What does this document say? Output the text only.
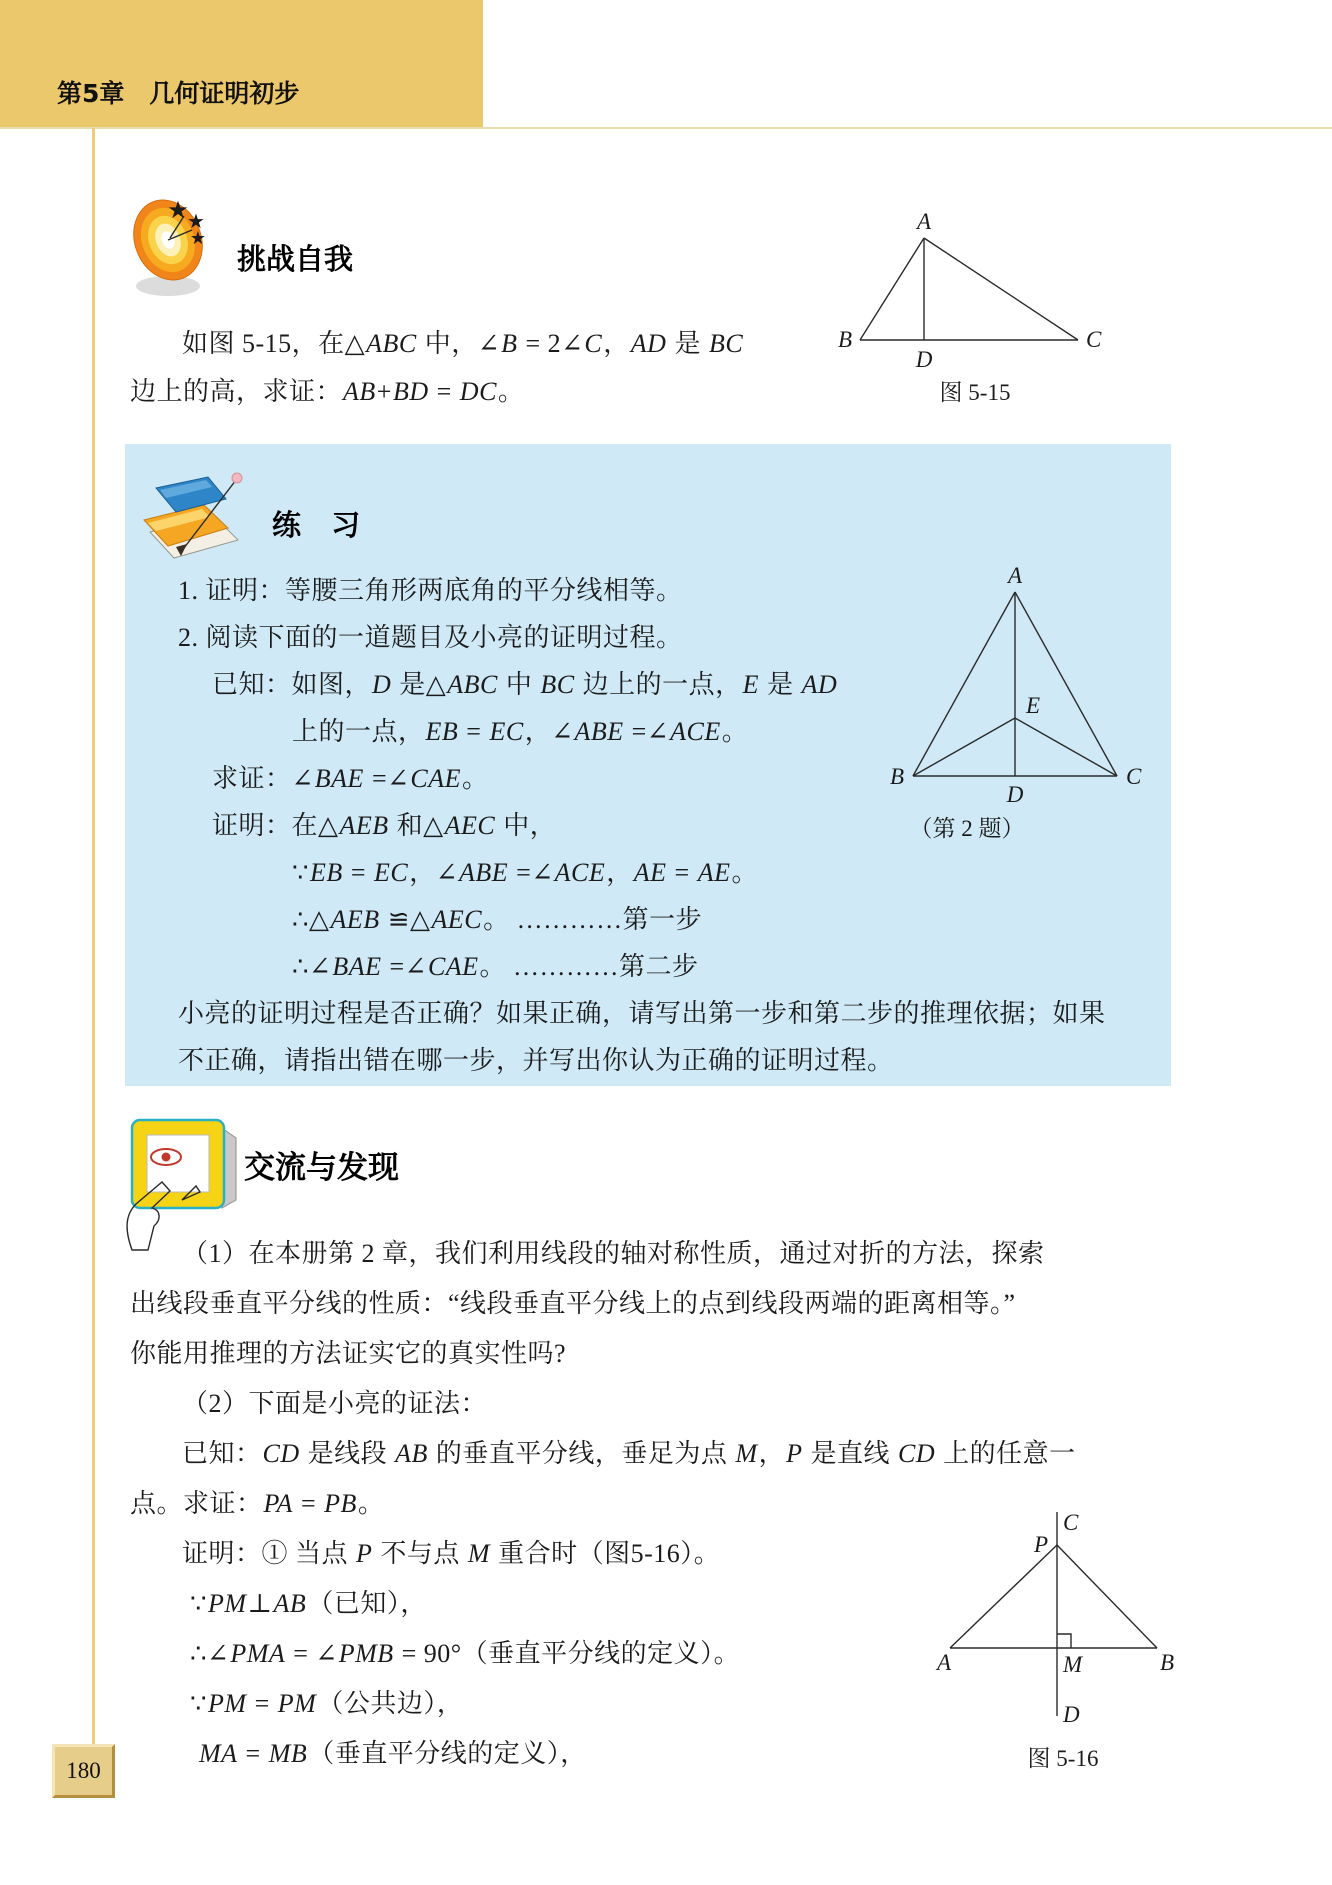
第5章　几何证明初步
★
★
★
挑战自我
如图 5-15，在△ABC 中，∠B = 2∠C，AD 是 BC
边上的高，求证：AB+BD = DC。
A
B	C
D
图 5-15
练 习
1. 证明：等腰三角形两底角的平分线相等。
2. 阅读下面的一道题目及小亮的证明过程。
已知：如图，D 是△ABC 中 BC 边上的一点，E 是 AD
上的一点，EB = EC，∠ABE =∠ACE。
求证：∠BAE =∠CAE。
证明：在△AEB 和△AEC 中，
∵EB = EC，∠ABE =∠ACE，AE = AE。
∴△AEB ≌△AEC。 …………第一步
∴∠BAE =∠CAE。 …………第二步
小亮的证明过程是否正确？如果正确，请写出第一步和第二步的推理依据；如果
不正确，请指出错在哪一步，并写出你认为正确的证明过程。
A
B	C
D
E
（第 2 题）
交流与发现
（1）在本册第 2 章，我们利用线段的轴对称性质，通过对折的方法，探索
出线段垂直平分线的性质：“线段垂直平分线上的点到线段两端的距离相等。”
你能用推理的方法证实它的真实性吗?
（2）下面是小亮的证法：
已知：CD 是线段 AB 的垂直平分线，垂足为点 M，P 是直线 CD 上的任意一
点。求证：PA = PB。
证明：① 当点 P 不与点 M 重合时（图5-16）。
∵PM⊥AB（已知），
∴∠PMA = ∠PMB = 90°（垂直平分线的定义）。
∵PM = PM（公共边），
MA = MB（垂直平分线的定义），
C
P
A	M	B
D
图 5-16
180
